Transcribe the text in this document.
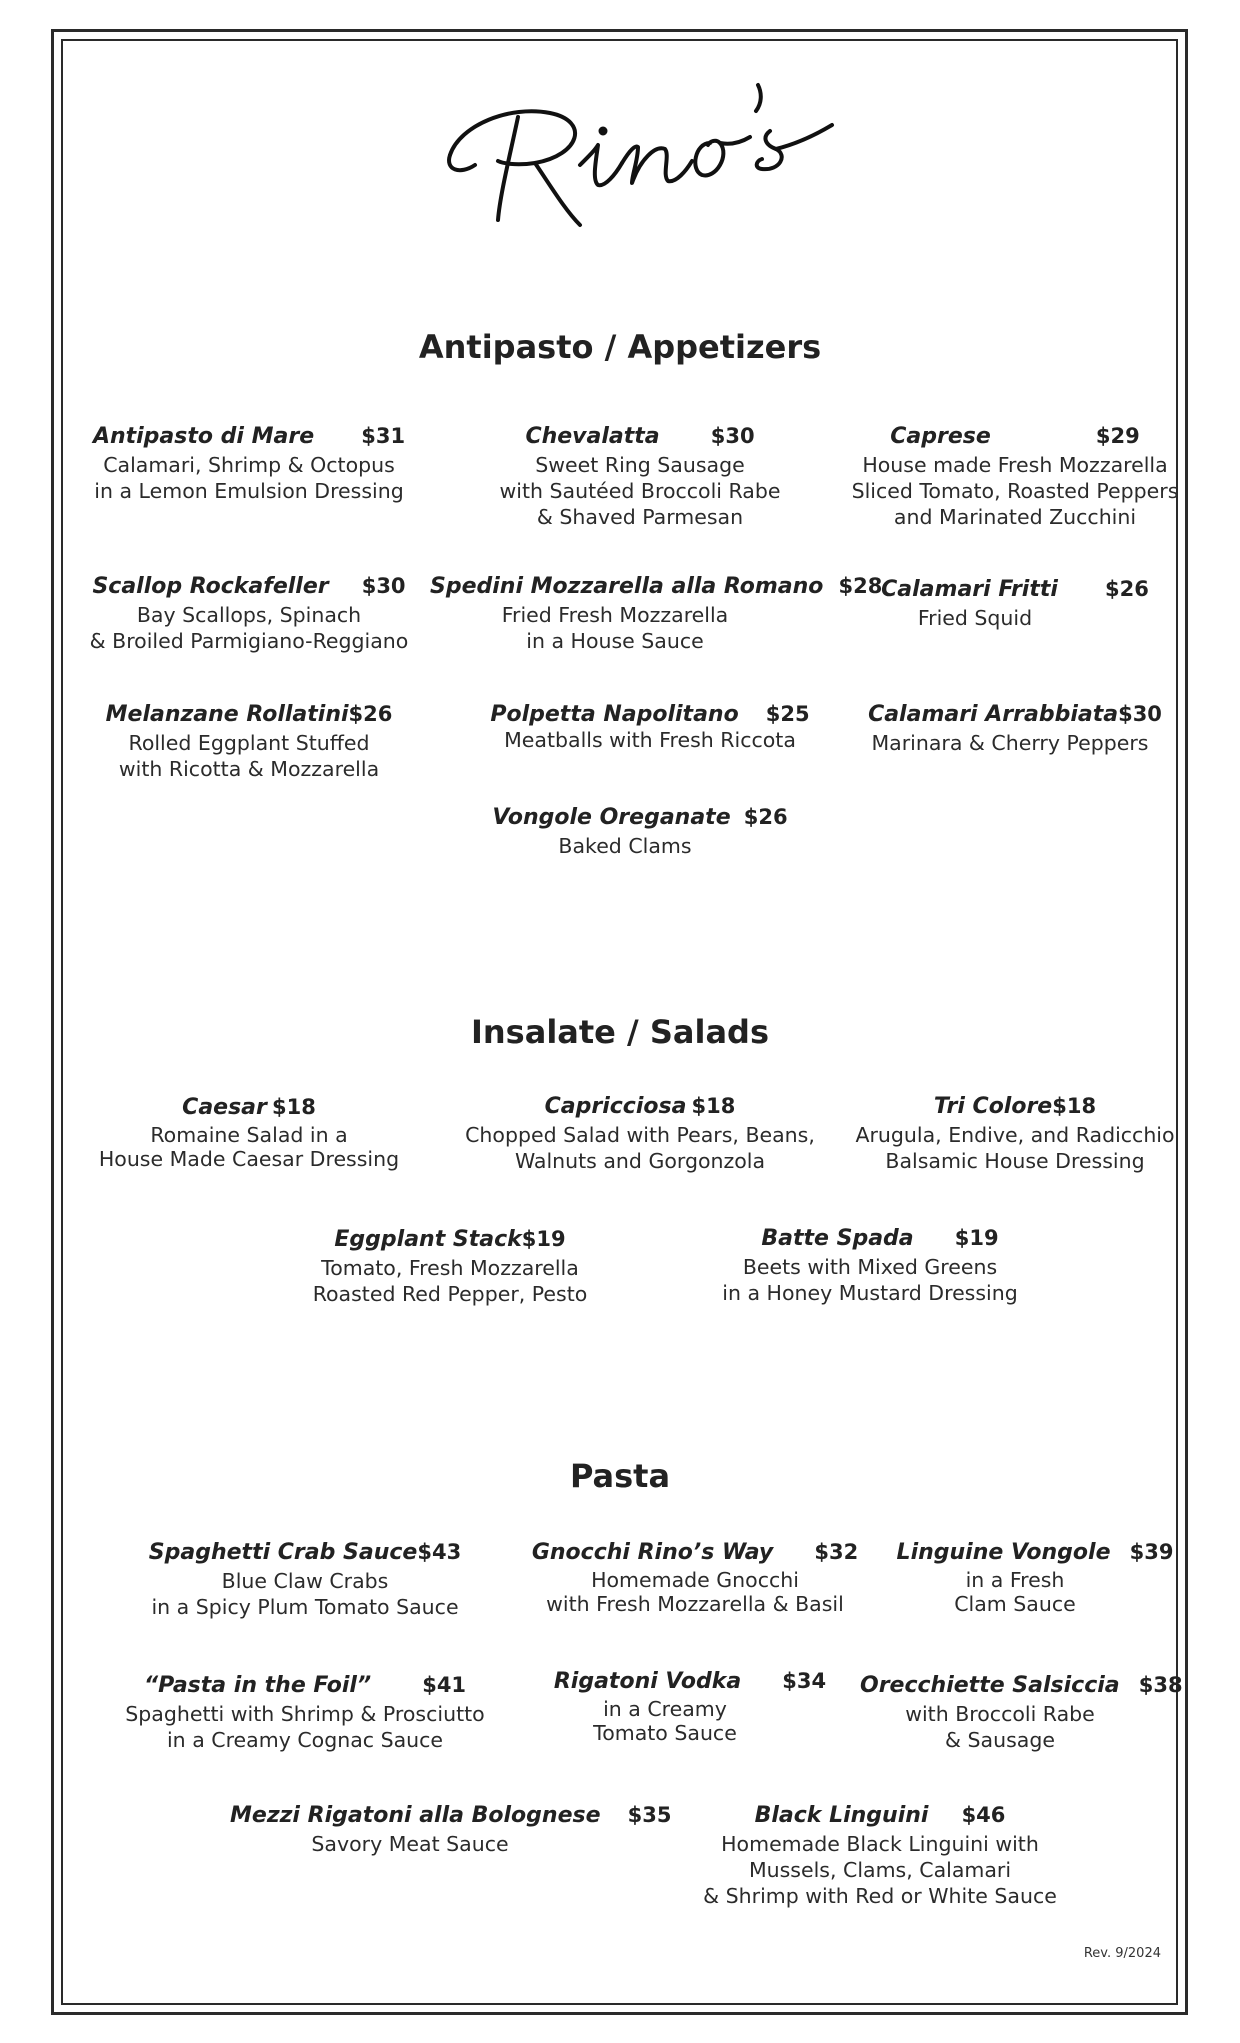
Antipasto / Appetizers
Antipasto di Mare $31
Calamari, Shrimp & Octopus
in a Lemon Emulsion Dressing
Chevalatta $30
Sweet Ring Sausage
with Sautéed Broccoli Rabe
& Shaved Parmesan
Caprese	$29
House made Fresh Mozzarella
Sliced Tomato, Roasted Peppers
and Marinated Zucchini
Scallop Rockafeller $30
Bay Scallops, Spinach
& Broiled Parmigiano-Reggiano
Spedini Mozzarella alla Romano $28
Fried Fresh Mozzarella
in a House Sauce
Calamari Fritti $26
Fried Squid
Melanzane Rollatini$26
Rolled Eggplant Stuffed
with Ricotta & Mozzarella
Polpetta Napolitano $25
Meatballs with Fresh Riccota
Calamari Arrabbiata$30
Marinara & Cherry Peppers
Vongole Oreganate $26
Baked Clams
Insalate / Salads
Caesar $18
Romaine Salad in a
House Made Caesar Dressing
Capricciosa $18
Chopped Salad with Pears, Beans,
Walnuts and Gorgonzola
Tri Colore$18
Arugula, Endive, and Radicchio
Balsamic House Dressing
Eggplant Stack$19
Tomato, Fresh Mozzarella
Roasted Red Pepper, Pesto
Batte Spada $19
Beets with Mixed Greens
in a Honey Mustard Dressing
Pasta
Spaghetti Crab Sauce$43
Blue Claw Crabs
in a Spicy Plum Tomato Sauce
Gnocchi Rino’s Way $32
Homemade Gnocchi
with Fresh Mozzarella & Basil
Linguine Vongole $39
in a Fresh
Clam Sauce
“Pasta in the Foil” $41
Spaghetti with Shrimp & Prosciutto
in a Creamy Cognac Sauce
Rigatoni Vodka $34
in a Creamy
Tomato Sauce
Orecchiette Salsiccia $38
with Broccoli Rabe
& Sausage
Mezzi Rigatoni alla Bolognese $35
Savory Meat Sauce
Black Linguini $46
Homemade Black Linguini with
Mussels, Clams, Calamari
& Shrimp with Red or White Sauce
Rev. 9/2024
